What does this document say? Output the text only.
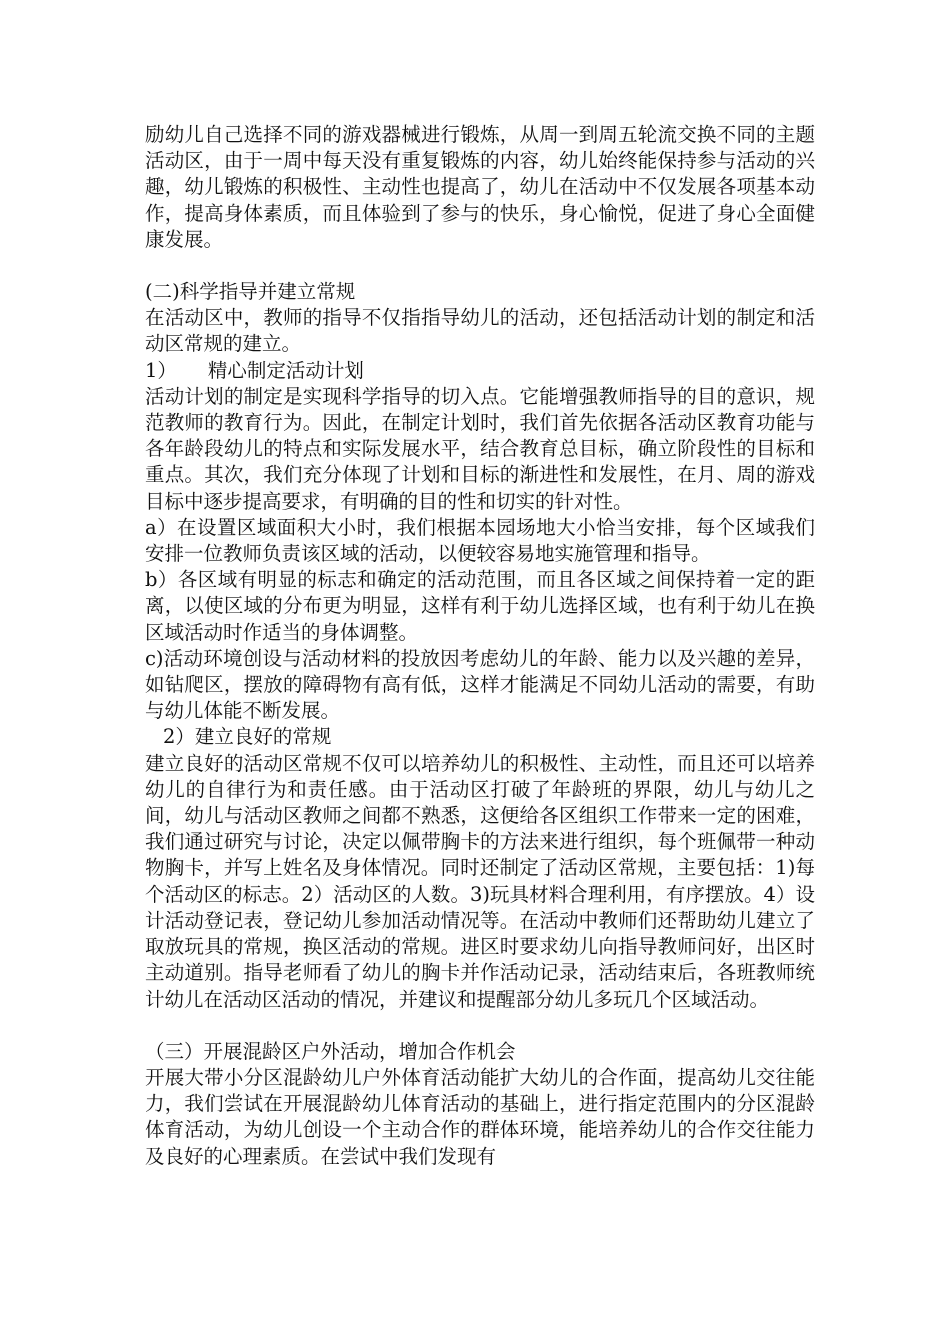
励幼儿自己选择不同的游戏器械进行锻炼，从周一到周五轮流交换不同的主题活动区，由于一周中每天没有重复锻炼的内容，幼儿始终能保持参与活动的兴趣，幼儿锻炼的积极性、主动性也提高了，幼儿在活动中不仅发展各项基本动作，提高身体素质，而且体验到了参与的快乐，身心愉悦，促进了身心全面健康发展。

(二)科学指导并建立常规

在活动区中，教师的指导不仅指指导幼儿的活动，还包括活动计划的制定和活动区常规的建立。

1）     精心制定活动计划

活动计划的制定是实现科学指导的切入点。它能增强教师指导的目的意识，规范教师的教育行为。因此，在制定计划时，我们首先依据各活动区教育功能与各年龄段幼儿的特点和实际发展水平，结合教育总目标，确立阶段性的目标和重点。其次，我们充分体现了计划和目标的渐进性和发展性，在月、周的游戏目标中逐步提高要求，有明确的目的性和切实的针对性。

a）在设置区域面积大小时，我们根据本园场地大小恰当安排，每个区域我们安排一位教师负责该区域的活动，以便较容易地实施管理和指导。

b）各区域有明显的标志和确定的活动范围，而且各区域之间保持着一定的距离，以使区域的分布更为明显，这样有利于幼儿选择区域，也有利于幼儿在换区域活动时作适当的身体调整。

c)活动环境创设与活动材料的投放因考虑幼儿的年龄、能力以及兴趣的差异，如钻爬区，摆放的障碍物有高有低，这样才能满足不同幼儿活动的需要，有助与幼儿体能不断发展。

2）建立良好的常规

建立良好的活动区常规不仅可以培养幼儿的积极性、主动性，而且还可以培养幼儿的自律行为和责任感。由于活动区打破了年龄班的界限，幼儿与幼儿之间，幼儿与活动区教师之间都不熟悉，这便给各区组织工作带来一定的困难，我们通过研究与讨论，决定以佩带胸卡的方法来进行组织，每个班佩带一种动物胸卡，并写上姓名及身体情况。同时还制定了活动区常规，主要包括：1)每个活动区的标志。2）活动区的人数。3)玩具材料合理利用，有序摆放。4）设计活动登记表，登记幼儿参加活动情况等。在活动中教师们还帮助幼儿建立了取放玩具的常规，换区活动的常规。进区时要求幼儿向指导教师问好，出区时主动道别。指导老师看了幼儿的胸卡并作活动记录，活动结束后，各班教师统计幼儿在活动区活动的情况，并建议和提醒部分幼儿多玩几个区域活动。

（三）开展混龄区户外活动，增加合作机会

开展大带小分区混龄幼儿户外体育活动能扩大幼儿的合作面，提高幼儿交往能力，我们尝试在开展混龄幼儿体育活动的基础上，进行指定范围内的分区混龄体育活动，为幼儿创设一个主动合作的群体环境，能培养幼儿的合作交往能力及良好的心理素质。在尝试中我们发现有
